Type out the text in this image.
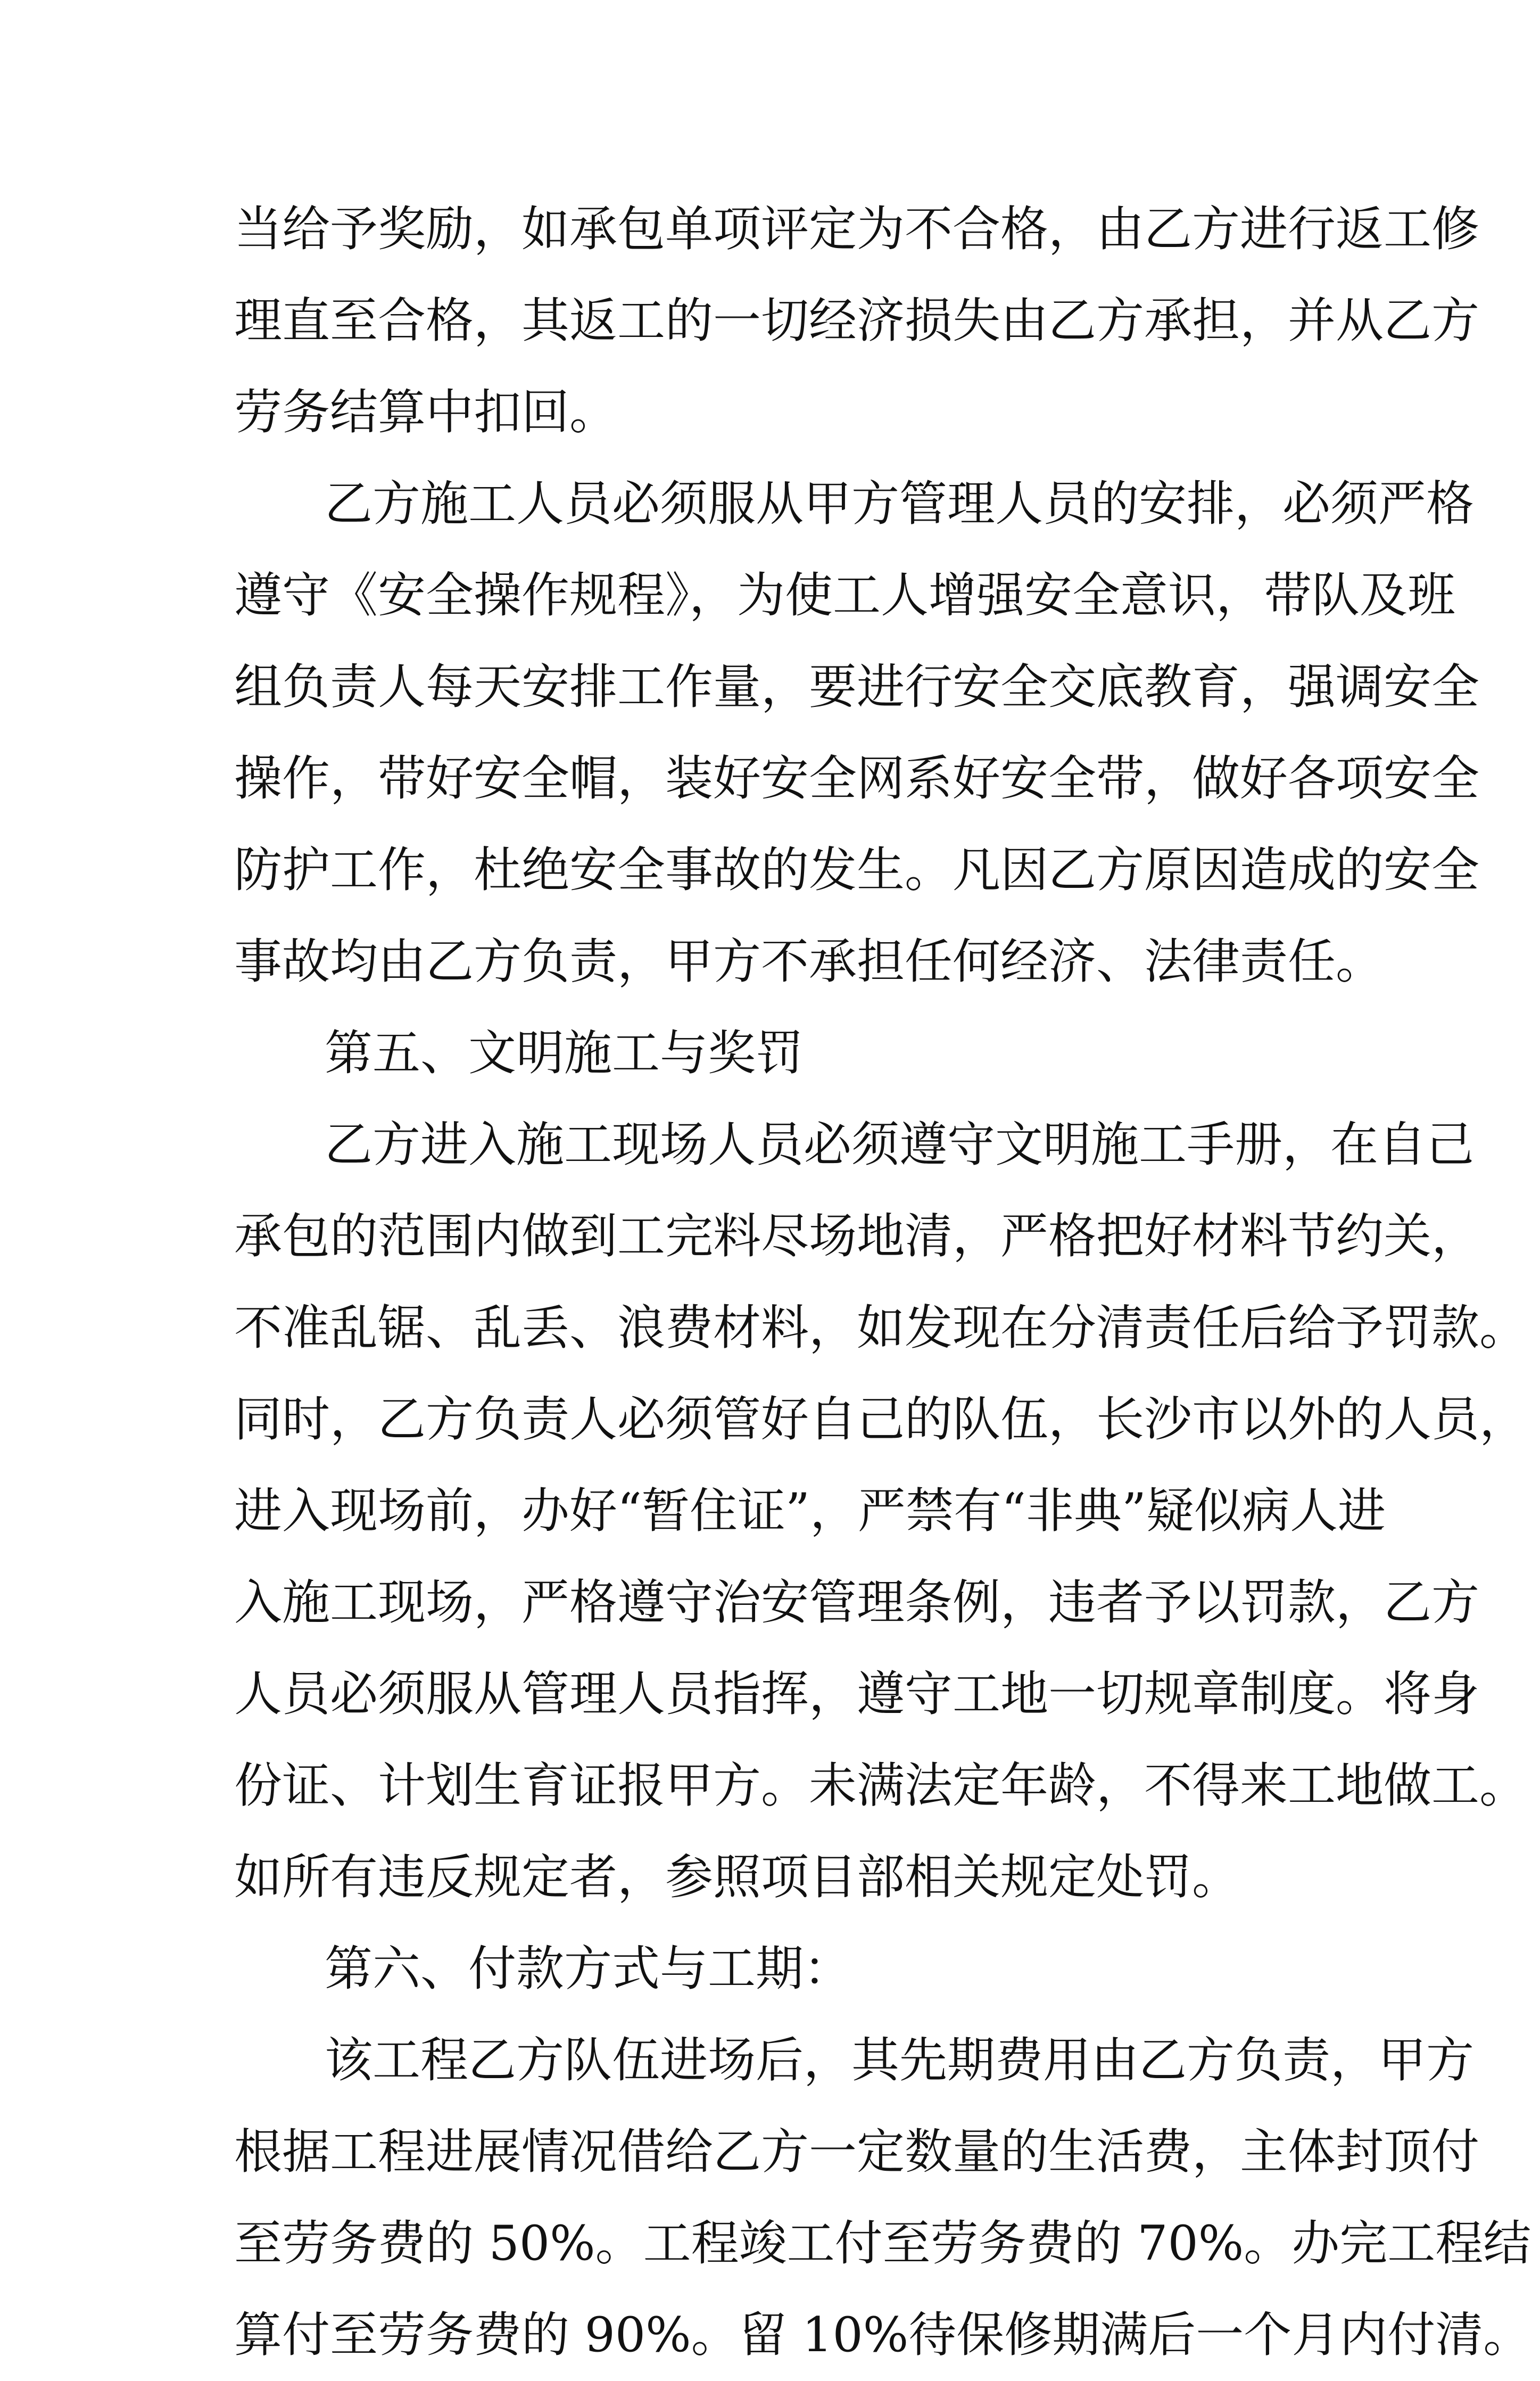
当给予奖励，如承包单项评定为不合格，由乙方进行返工修
理直至合格，其返工的一切经济损失由乙方承担，并从乙方
劳务结算中扣回。
乙方施工人员必须服从甲方管理人员的安排，必须严格
遵守《安全操作规程》，为使工人增强安全意识，带队及班
组负责人每天安排工作量，要进行安全交底教育，强调安全
操作，带好安全帽，装好安全网系好安全带，做好各项安全
防护工作，杜绝安全事故的发生。凡因乙方原因造成的安全
事故均由乙方负责，甲方不承担任何经济、法律责任。
第五、文明施工与奖罚
乙方进入施工现场人员必须遵守文明施工手册，在自己
承包的范围内做到工完料尽场地清，严格把好材料节约关，
不准乱锯、乱丢、浪费材料，如发现在分清责任后给予罚款。
同时，乙方负责人必须管好自己的队伍，长沙市以外的人员，
进入现场前，办好“暂住证”，严禁有“非典”疑似病人进
入施工现场，严格遵守治安管理条例，违者予以罚款，乙方
人员必须服从管理人员指挥，遵守工地一切规章制度。将身
份证、计划生育证报甲方。未满法定年龄，不得来工地做工。
如所有违反规定者，参照项目部相关规定处罚。
第六、付款方式与工期：
该工程乙方队伍进场后，其先期费用由乙方负责，甲方
根据工程进展情况借给乙方一定数量的生活费，主体封顶付
至劳务费的 50%。工程竣工付至劳务费的 70%。办完工程结
算付至劳务费的 90%。留 10%待保修期满后一个月内付清。
